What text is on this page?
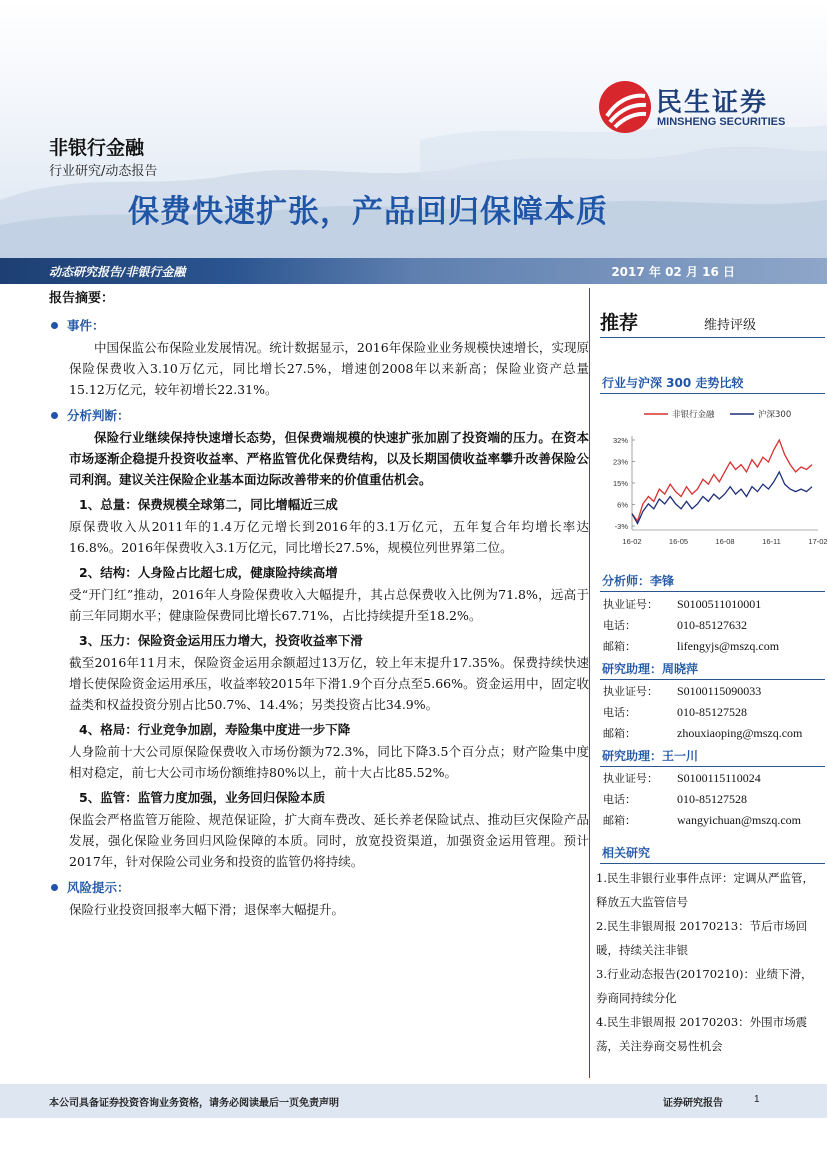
民生证券
MINSHENG SECURITIES
非银行金融
行业研究/动态报告
保费快速扩张，产品回归保障本质
动态研究报告/非银行金融	2017 年 02 月 16 日
报告摘要：
事件：
中国保监公布保险业发展情况。统计数据显示，2016年保险业业务规模快速增长，实现原保险保费收入3.10万亿元，同比增长27.5%，增速创2008年以来新高；保险业资产总量15.12万亿元，较年初增长22.31%。
分析判断：
保险行业继续保持快速增长态势，但保费端规模的快速扩张加剧了投资端的压力。在资本市场逐渐企稳提升投资收益率、严格监管优化保费结构，以及长期国债收益率攀升改善保险公司利润。建议关注保险企业基本面边际改善带来的价值重估机会。
1、总量：保费规模全球第二，同比增幅近三成
原保费收入从2011年的1.4万亿元增长到2016年的3.1万亿元，五年复合年均增长率达16.8%。2016年保费收入3.1万亿元，同比增长27.5%，规模位列世界第二位。
2、结构：人身险占比超七成，健康险持续高增
受“开门红”推动，2016年人身险保费收入大幅提升，其占总保费收入比例为71.8%，远高于前三年同期水平；健康险保费同比增长67.71%，占比持续提升至18.2%。
3、压力：保险资金运用压力增大，投资收益率下滑
截至2016年11月末，保险资金运用余额超过13万亿，较上年末提升17.35%。保费持续快速增长使保险资金运用承压，收益率较2015年下滑1.9个百分点至5.66%。资金运用中，固定收益类和权益投资分别占比50.7%、14.4%；另类投资占比34.9%。
4、格局：行业竞争加剧，寿险集中度进一步下降
人身险前十大公司原保险保费收入市场份额为72.3%，同比下降3.5个百分点；财产险集中度相对稳定，前七大公司市场份额维持80%以上，前十大占比85.52%。
5、监管：监管力度加强，业务回归保险本质
保监会严格监管万能险、规范保证险，扩大商车费改、延长养老保险试点、推动巨灾保险产品发展，强化保险业务回归风险保障的本质。同时，放宽投资渠道，加强资金运用管理。预计2017年，针对保险公司业务和投资的监管仍将持续。
风险提示：
保险行业投资回报率大幅下滑；退保率大幅提升。
推荐	维持评级
行业与沪深 300 走势比较
非银行金融	沪深300
32%
23%
15%
6%
-3%
16-02	16-05	16-08	16-11	17-02
分析师：李锋
执业证号：	S0100511010001
电话：	010-85127632
邮箱：	lifengyjs@mszq.com
研究助理：周晓萍
执业证号：	S0100115090033
电话：	010-85127528
邮箱：	zhouxiaoping@mszq.com
研究助理：王一川
执业证号：	S0100115110024
电话：	010-85127528
邮箱：	wangyichuan@mszq.com
相关研究
1.民生非银行业事件点评：定调从严监管，释放五大监管信号
2.民生非银周报 20170213：节后市场回暖，持续关注非银
3.行业动态报告(20170210)：业绩下滑，券商同持续分化
4.民生非银周报 20170203：外围市场震荡，关注券商交易性机会
本公司具备证券投资咨询业务资格，请务必阅读最后一页免责声明	证券研究报告	1
